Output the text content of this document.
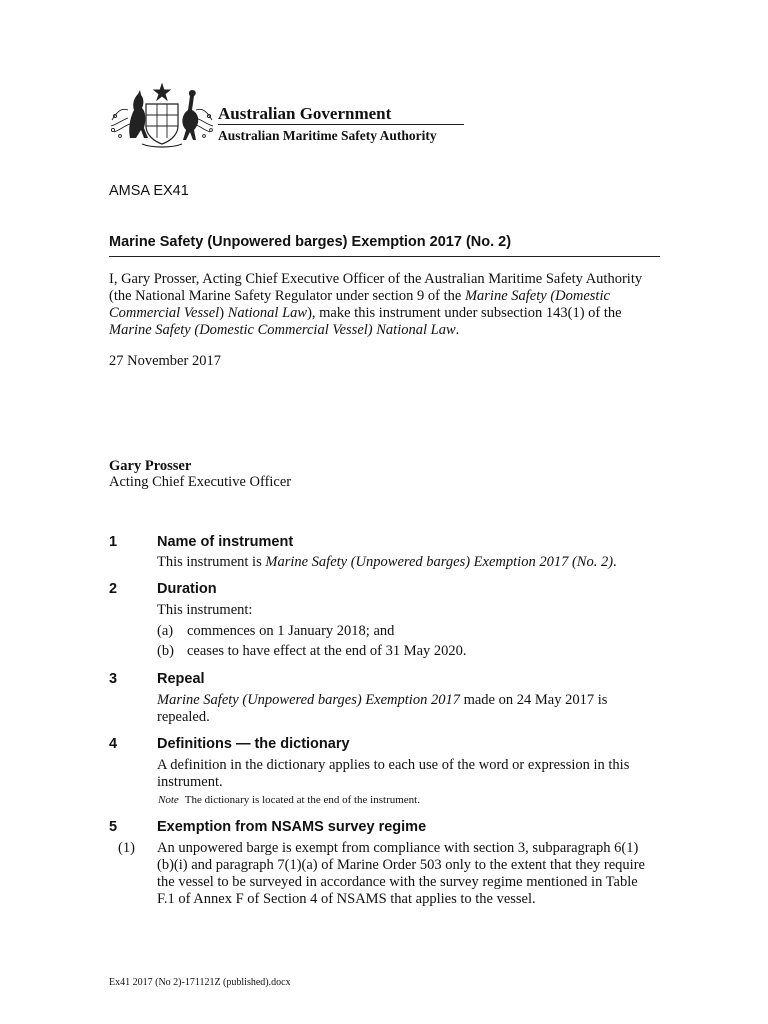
Australian Government
Australian Maritime Safety Authority
AMSA EX41
Marine Safety (Unpowered barges) Exemption 2017 (No. 2)
I, Gary Prosser, Acting Chief Executive Officer of the Australian Maritime Safety Authority (the National Marine Safety Regulator under section 9 of the Marine Safety (Domestic Commercial Vessel) National Law), make this instrument under subsection 143(1) of the Marine Safety (Domestic Commercial Vessel) National Law.
27 November 2017
Gary Prosser
Acting Chief Executive Officer
1	Name of instrument
This instrument is Marine Safety (Unpowered barges) Exemption 2017 (No. 2).
2	Duration
This instrument:
(a) commences on 1 January 2018; and
(b) ceases to have effect at the end of 31 May 2020.
3	Repeal
Marine Safety (Unpowered barges) Exemption 2017 made on 24 May 2017 is repealed.
4	Definitions — the dictionary
A definition in the dictionary applies to each use of the word or expression in this instrument.
Note The dictionary is located at the end of the instrument.
5	Exemption from NSAMS survey regime
(1) An unpowered barge is exempt from compliance with section 3, subparagraph 6(1)(b)(i) and paragraph 7(1)(a) of Marine Order 503 only to the extent that they require the vessel to be surveyed in accordance with the survey regime mentioned in Table F.1 of Annex F of Section 4 of NSAMS that applies to the vessel.
Ex41 2017 (No 2)-171121Z (published).docx
